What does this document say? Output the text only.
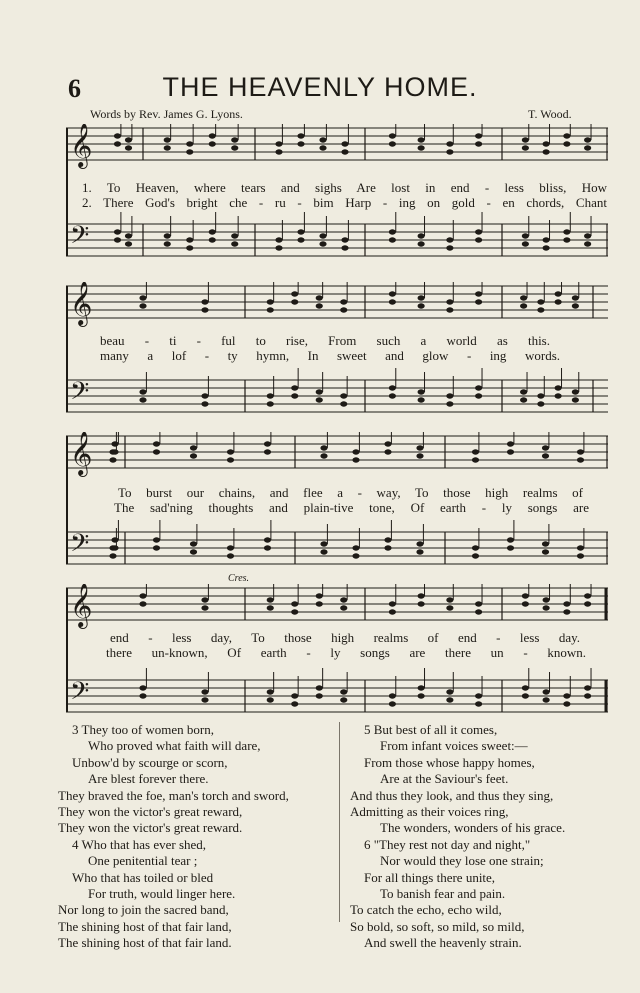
6	THE HEAVENLY HOME.
Words by Rev. James G. Lyons.	T. Wood.
𝄞
𝄢
1. To Heaven, where tears and sighs Are lost in end - less bliss, How
2. There God's bright che - ru - bim Harp - ing on gold - en chords, Chant
𝄞
𝄢
beau - ti - ful to rise, From such a world as this.
many a lof - ty hymn, In sweet and glow - ing words.
𝄞
𝄢
To burst our chains, and flee a - way, To those high realms of
The sad'ning thoughts and plain-tive tone, Of earth - ly songs are
Cres.
𝄞
𝄢
end - less day, To those high realms of end - less day.
there un-known, Of earth - ly songs are there un - known.
3 They too of women born,
Who proved what faith will dare,
Unbow'd by scourge or scorn,
Are blest forever there.
They braved the foe, man's torch and sword,
They won the victor's great reward,
They won the victor's great reward.
4 Who that has ever shed,
One penitential tear ;
Who that has toiled or bled
For truth, would linger here.
Nor long to join the sacred band,
The shining host of that fair land,
The shining host of that fair land.
5 But best of all it comes,
From infant voices sweet:—
From those whose happy homes,
Are at the Saviour's feet.
And thus they look, and thus they sing,
Admitting as their voices ring,
The wonders, wonders of his grace.
6 "They rest not day and night,"
Nor would they lose one strain;
For all things there unite,
To banish fear and pain.
To catch the echo, echo wild,
So bold, so soft, so mild, so mild,
And swell the heavenly strain.
